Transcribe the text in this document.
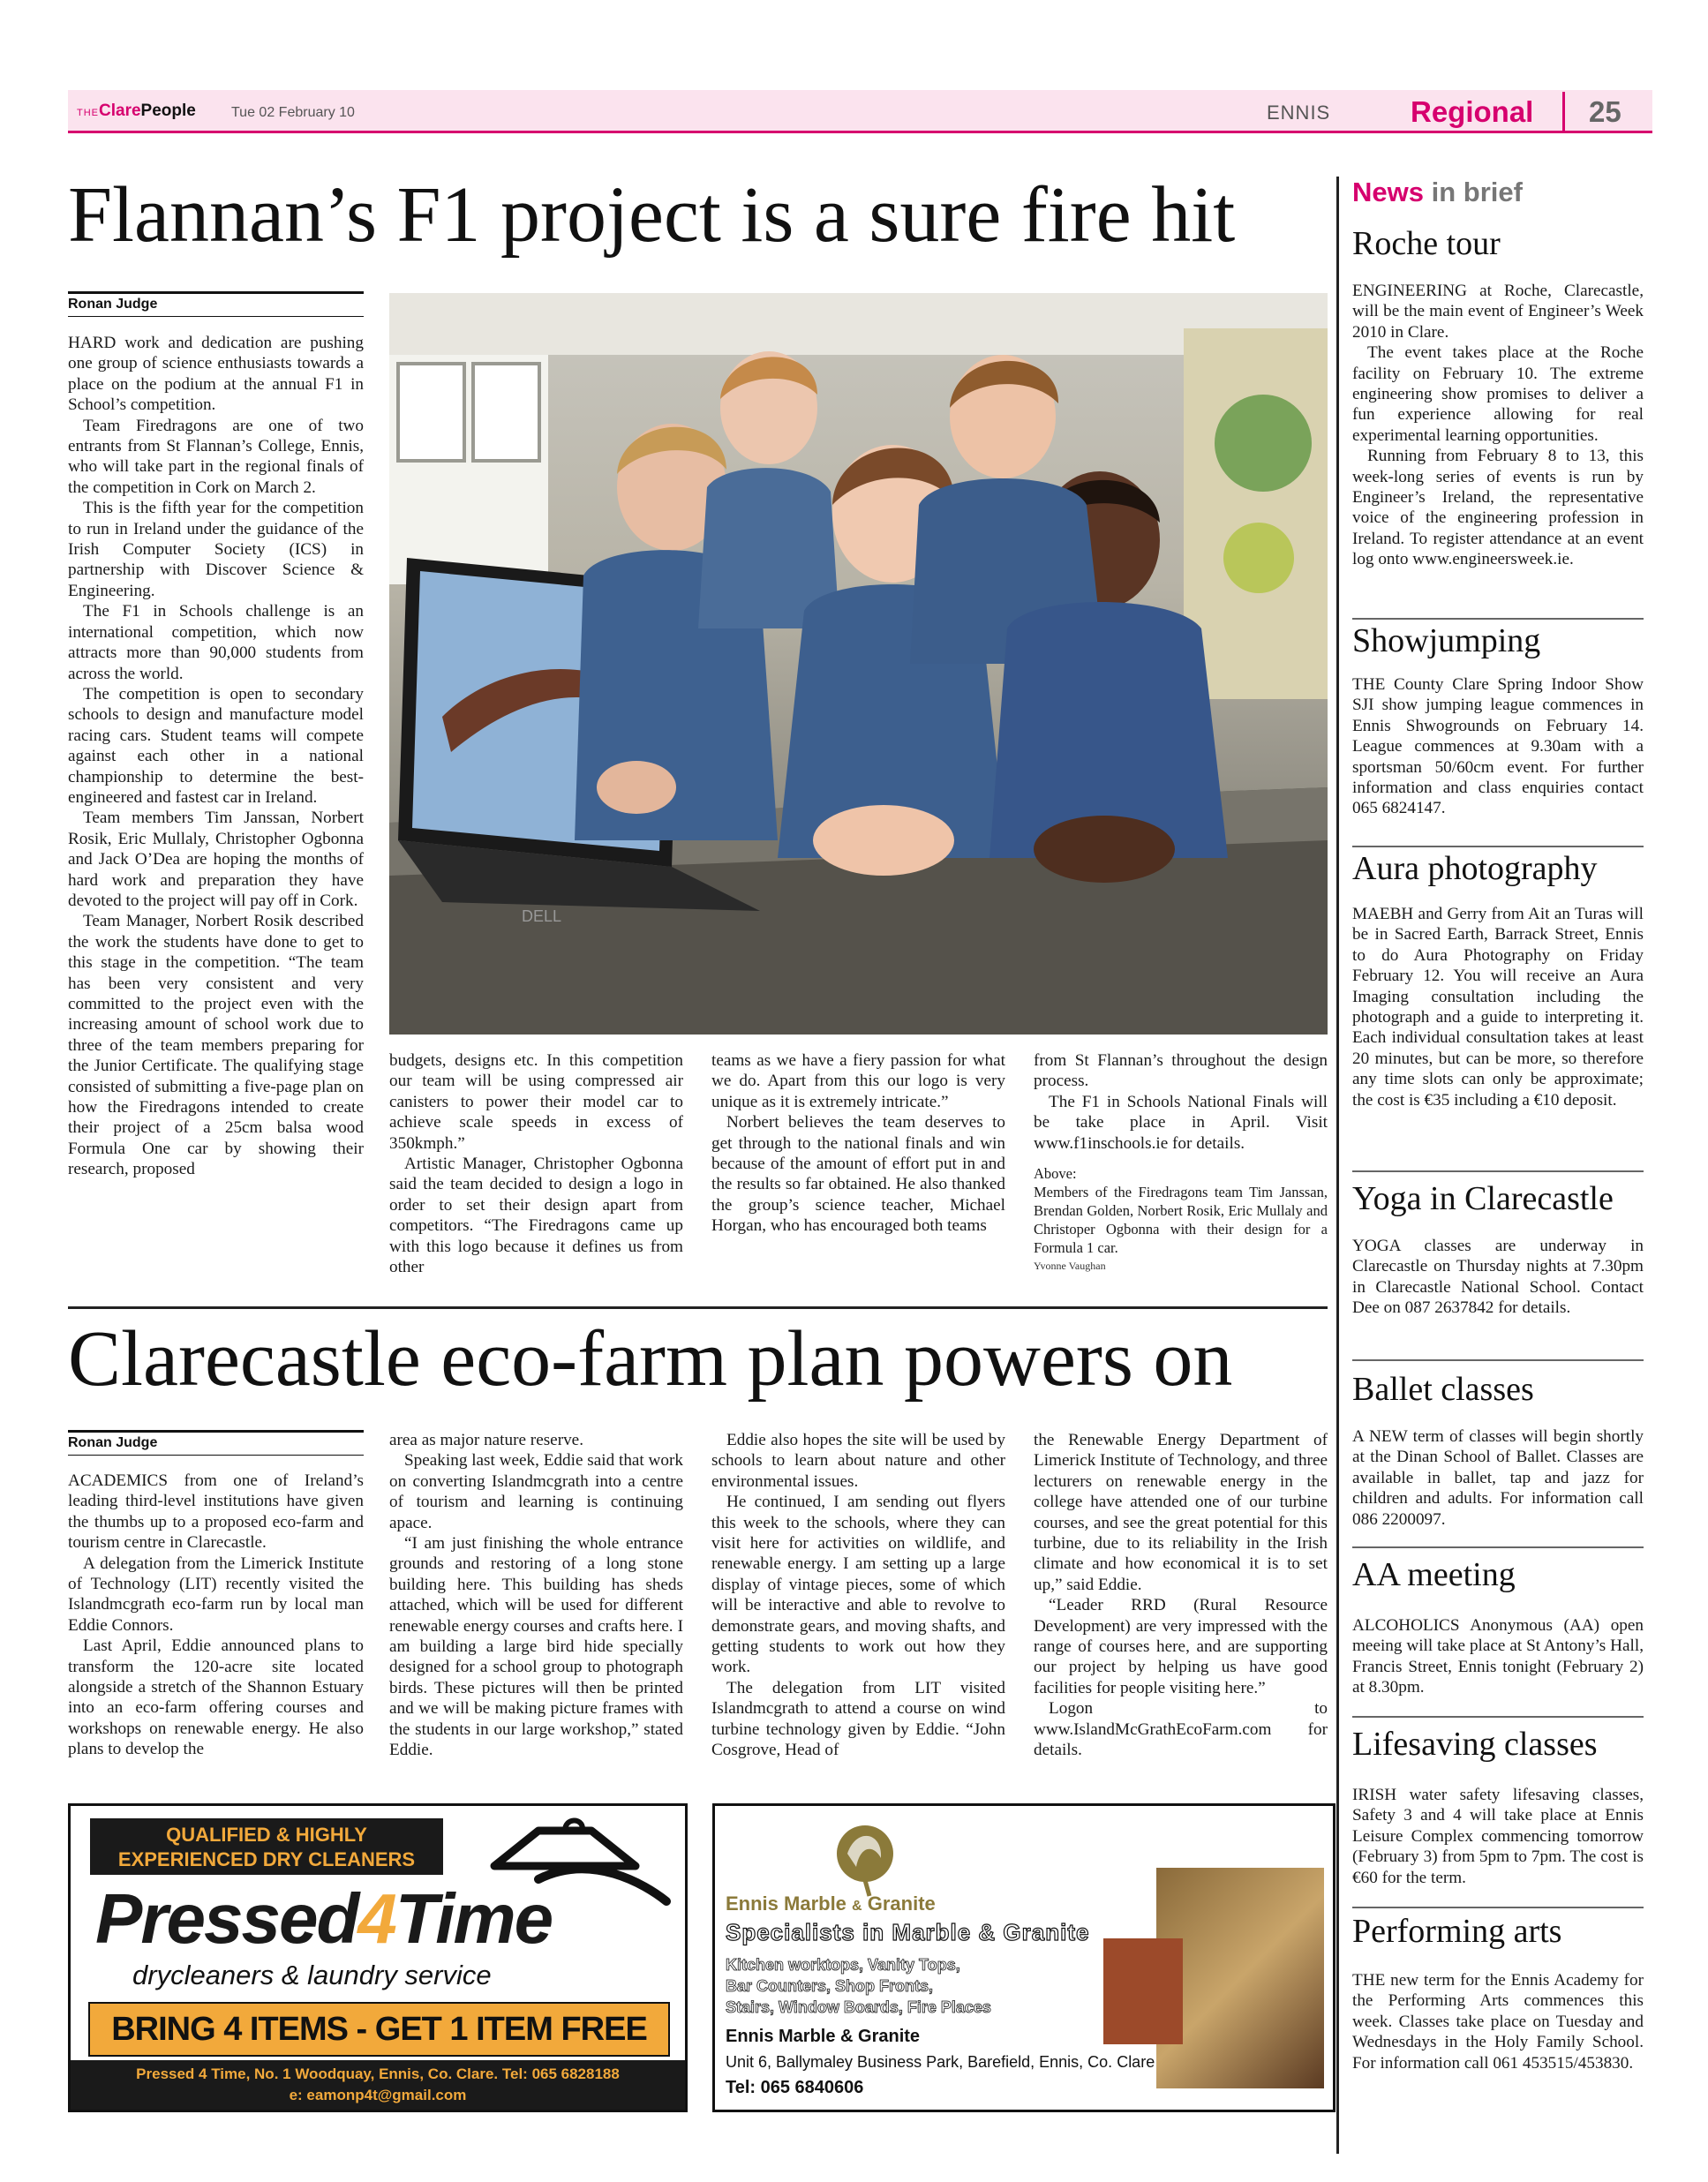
THEClarePeople	Tue 02 February 10	ENNIS	Regional 25
Flannan’s F1 project is a sure fire hit
Ronan Judge

HARD work and dedication are pushing one group of science enthusiasts towards a place on the podium at the annual F1 in School’s competition.

Team Firedragons are one of two entrants from St Flannan’s College, Ennis, who will take part in the regional finals of the competition in Cork on March 2.

This is the fifth year for the competition to run in Ireland under the guidance of the Irish Computer Society (ICS) in partnership with Discover Science & Engineering.

The F1 in Schools challenge is an international competition, which now attracts more than 90,000 students from across the world.

The competition is open to secondary schools to design and manufacture model racing cars. Student teams will compete against each other in a national championship to determine the best-engineered and fastest car in Ireland.

Team members Tim Janssan, Norbert Rosik, Eric Mullaly, Christopher Ogbonna and Jack O’Dea are hoping the months of hard work and preparation they have devoted to the project will pay off in Cork.

Team Manager, Norbert Rosik described the work the students have done to get to this stage in the competition. “The team has been very consistent and very committed to the project even with the increasing amount of school work due to three of the team members preparing for the Junior Certificate. The qualifying stage consisted of submitting a five-page plan on how the Firedragons intended to create their project of a 25cm balsa wood Formula One car by showing their research, proposed

DELL

budgets, designs etc. In this competition our team will be using compressed air canisters to power their model car to achieve scale speeds in excess of 350kmph.”

Artistic Manager, Christopher Ogbonna said the team decided to design a logo in order to set their design apart from competitors. “The Firedragons came up with this logo because it defines us from other

teams as we have a fiery passion for what we do. Apart from this our logo is very unique as it is extremely intricate.”

Norbert believes the team deserves to get through to the national finals and win because of the amount of effort put in and the results so far obtained. He also thanked the group’s science teacher, Michael Horgan, who has encouraged both teams

from St Flannan’s throughout the design process.

The F1 in Schools National Finals will be take place in April. Visit www.f1inschools.ie for details.

Above:
Members of the Firedragons team Tim Janssan, Brendan Golden, Norbert Rosik, Eric Mullaly and Christoper Ogbonna with their design for a Formula 1 car.
Yvonne Vaughan
Clarecastle eco-farm plan powers on
Ronan Judge

ACADEMICS from one of Ireland’s leading third-level institutions have given the thumbs up to a proposed eco-farm and tourism centre in Clarecastle.

A delegation from the Limerick Institute of Technology (LIT) recently visited the Islandmcgrath eco-farm run by local man Eddie Connors.

Last April, Eddie announced plans to transform the 120-acre site located alongside a stretch of the Shannon Estuary into an eco-farm offering courses and workshops on renewable energy. He also plans to develop the

area as major nature reserve.

Speaking last week, Eddie said that work on converting Islandmcgrath into a centre of tourism and learning is continuing apace.

“I am just finishing the whole entrance grounds and restoring of a long stone building here. This building has sheds attached, which will be used for different renewable energy courses and crafts here. I am building a large bird hide specially designed for a school group to photograph birds. These pictures will then be printed and we will be making picture frames with the students in our large workshop,” stated Eddie.

Eddie also hopes the site will be used by schools to learn about nature and other environmental issues.

He continued, I am sending out flyers this week to the schools, where they can visit here for activities on wildlife, and renewable energy. I am setting up a large display of vintage pieces, some of which will be interactive and able to revolve to demonstrate gears, and moving shafts, and getting students to work out how they work.

The delegation from LIT visited Islandmcgrath to attend a course on wind turbine technology given by Eddie. “John Cosgrove, Head of

the Renewable Energy Department of Limerick Institute of Technology, and three lecturers on renewable energy in the college have attended one of our turbine courses, and see the great potential for this turbine, due to its reliability in the Irish climate and how economical it is to set up,” said Eddie.

“Leader RRD (Rural Resource Development) are very impressed with the range of courses here, and are supporting our project by helping us have good facilities for people visiting here.”

Logon to www.IslandMcGrathEcoFarm.com for details.

QUALIFIED & HIGHLY
EXPERIENCED DRY CLEANERS
Pressed4Time
drycleaners & laundry service
BRING 4 ITEMS - GET 1 ITEM FREE
Pressed 4 Time, No. 1 Woodquay, Ennis, Co. Clare. Tel: 065 6828188
e: eamonp4t@gmail.com
Ennis Marble & Granite
Specialists in Marble & Granite
Kitchen worktops, Vanity Tops,
Bar Counters, Shop Fronts,
Stairs, Window Boards, Fire Places
Ennis Marble & Granite
Unit 6, Ballymaley Business Park, Barefield, Ennis, Co. Clare
Tel: 065 6840606
News in brief
Roche tour

ENGINEERING at Roche, Clarecastle, will be the main event of Engineer’s Week 2010 in Clare.

The event takes place at the Roche facility on February 10. The extreme engineering show promises to deliver a fun experience allowing for real experimental learning opportunities.

Running from February 8 to 13, this week-long series of events is run by Engineer’s Ireland, the representative voice of the engineering profession in Ireland. To register attendance at an event log onto www.engineersweek.ie.

Showjumping

THE County Clare Spring Indoor Show SJI show jumping league commences in Ennis Shwogrounds on February 14. League commences at 9.30am with a sportsman 50/60cm event. For further information and class enquiries contact 065 6824147.

Aura photography

MAEBH and Gerry from Ait an Turas will be in Sacred Earth, Barrack Street, Ennis to do Aura Photography on Friday February 12. You will receive an Aura Imaging consultation including the photograph and a guide to interpreting it. Each individual consultation takes at least 20 minutes, but can be more, so therefore any time slots can only be approximate; the cost is €35 including a €10 deposit.

Yoga in Clarecastle

YOGA classes are underway in Clarecastle on Thursday nights at 7.30pm in Clarecastle National School. Contact Dee on 087 2637842 for details.

Ballet classes

A NEW term of classes will begin shortly at the Dinan School of Ballet. Classes are available in ballet, tap and jazz for children and adults. For information call 086 2200097.

AA meeting

ALCOHOLICS Anonymous (AA) open meeing will take place at St Antony’s Hall, Francis Street, Ennis tonight (February 2) at 8.30pm.

Lifesaving classes

IRISH water safety lifesaving classes, Safety 3 and 4 will take place at Ennis Leisure Complex commencing tomorrow (February 3) from 5pm to 7pm. The cost is €60 for the term.

Performing arts

THE new term for the Ennis Academy for the Performing Arts commences this week. Classes take place on Tuesday and Wednesdays in the Holy Family School. For information call 061 453515/453830.
